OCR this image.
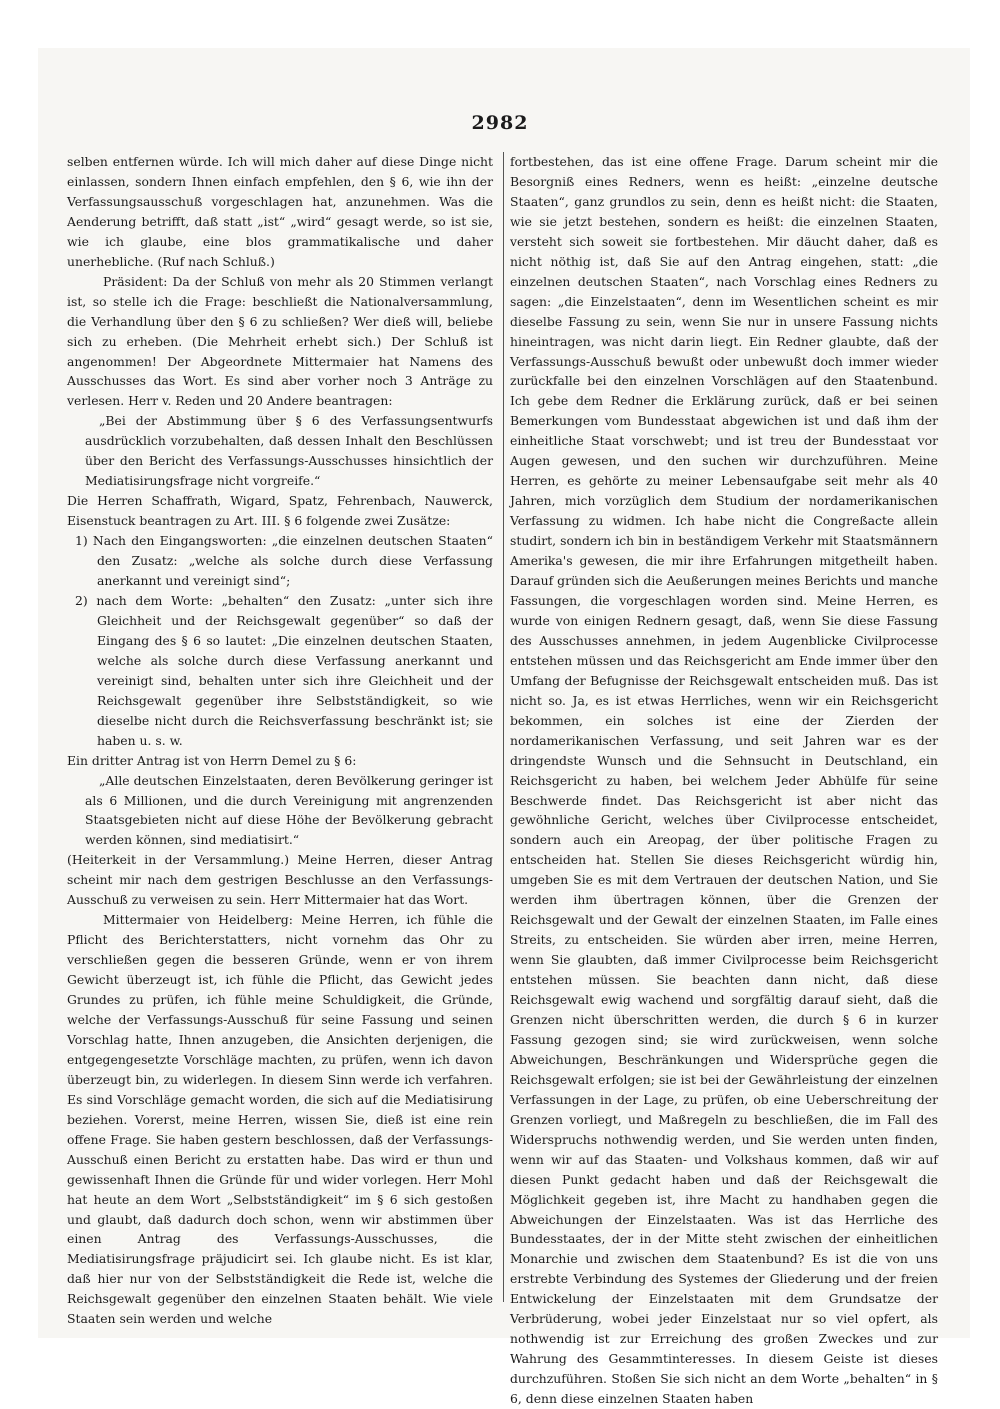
2982

selben entfernen würde. Ich will mich daher auf diese Dinge nicht einlassen, sondern Ihnen einfach empfehlen, den § 6, wie ihn der Verfassungsausschuß vorgeschlagen hat, anzunehmen. Was die Aenderung betrifft, daß statt „ist“ „wird“ gesagt werde, so ist sie, wie ich glaube, eine blos grammatikalische und daher unerhebliche. (Ruf nach Schluß.)

Präsident: Da der Schluß von mehr als 20 Stimmen verlangt ist, so stelle ich die Frage: beschließt die Nationalversammlung, die Verhandlung über den § 6 zu schließen? Wer dieß will, beliebe sich zu erheben. (Die Mehrheit erhebt sich.) Der Schluß ist angenommen! Der Abgeordnete Mittermaier hat Namens des Ausschusses das Wort. Es sind aber vorher noch 3 Anträge zu verlesen. Herr v. Reden und 20 Andere beantragen:

„Bei der Abstimmung über § 6 des Verfassungsentwurfs ausdrücklich vorzubehalten, daß dessen Inhalt den Beschlüssen über den Bericht des Verfassungs-Ausschusses hinsichtlich der Mediatisirungsfrage nicht vorgreife.“

Die Herren Schaffrath, Wigard, Spatz, Fehrenbach, Nauwerck, Eisenstuck beantragen zu Art. III. § 6 folgende zwei Zusätze:

1) Nach den Eingangsworten: „die einzelnen deutschen Staaten“ den Zusatz: „welche als solche durch diese Verfassung anerkannt und vereinigt sind“;

2) nach dem Worte: „behalten“ den Zusatz: „unter sich ihre Gleichheit und der Reichsgewalt gegenüber“ so daß der Eingang des § 6 so lautet: „Die einzelnen deutschen Staaten, welche als solche durch diese Verfassung anerkannt und vereinigt sind, behalten unter sich ihre Gleichheit und der Reichsgewalt gegenüber ihre Selbstständigkeit, so wie dieselbe nicht durch die Reichsverfassung beschränkt ist; sie haben u. s. w.

Ein dritter Antrag ist von Herrn Demel zu § 6:

„Alle deutschen Einzelstaaten, deren Bevölkerung geringer ist als 6 Millionen, und die durch Vereinigung mit angrenzenden Staatsgebieten nicht auf diese Höhe der Bevölkerung gebracht werden können, sind mediatisirt.“

(Heiterkeit in der Versammlung.) Meine Herren, dieser Antrag scheint mir nach dem gestrigen Beschlusse an den Verfassungs-Ausschuß zu verweisen zu sein. Herr Mittermaier hat das Wort.

Mittermaier von Heidelberg: Meine Herren, ich fühle die Pflicht des Berichterstatters, nicht vornehm das Ohr zu verschließen gegen die besseren Gründe, wenn er von ihrem Gewicht überzeugt ist, ich fühle die Pflicht, das Gewicht jedes Grundes zu prüfen, ich fühle meine Schuldigkeit, die Gründe, welche der Verfassungs-Ausschuß für seine Fassung und seinen Vorschlag hatte, Ihnen anzugeben, die Ansichten derjenigen, die entgegengesetzte Vorschläge machten, zu prüfen, wenn ich davon überzeugt bin, zu widerlegen. In diesem Sinn werde ich verfahren. Es sind Vorschläge gemacht worden, die sich auf die Mediatisirung beziehen. Vorerst, meine Herren, wissen Sie, dieß ist eine rein offene Frage. Sie haben gestern beschlossen, daß der Verfassungs-Ausschuß einen Bericht zu erstatten habe. Das wird er thun und gewissenhaft Ihnen die Gründe für und wider vorlegen. Herr Mohl hat heute an dem Wort „Selbstständigkeit“ im § 6 sich gestoßen und glaubt, daß dadurch doch schon, wenn wir abstimmen über einen Antrag des Verfassungs-Ausschusses, die Mediatisirungsfrage präjudicirt sei. Ich glaube nicht. Es ist klar, daß hier nur von der Selbstständigkeit die Rede ist, welche die Reichsgewalt gegenüber den einzelnen Staaten behält. Wie viele Staaten sein werden und welche

fortbestehen, das ist eine offene Frage. Darum scheint mir die Besorgniß eines Redners, wenn es heißt: „einzelne deutsche Staaten“, ganz grundlos zu sein, denn es heißt nicht: die Staaten, wie sie jetzt bestehen, sondern es heißt: die einzelnen Staaten, versteht sich soweit sie fortbestehen. Mir däucht daher, daß es nicht nöthig ist, daß Sie auf den Antrag eingehen, statt: „die einzelnen deutschen Staaten“, nach Vorschlag eines Redners zu sagen: „die Einzelstaaten“, denn im Wesentlichen scheint es mir dieselbe Fassung zu sein, wenn Sie nur in unsere Fassung nichts hineintragen, was nicht darin liegt. Ein Redner glaubte, daß der Verfassungs-Ausschuß bewußt oder unbewußt doch immer wieder zurückfalle bei den einzelnen Vorschlägen auf den Staatenbund. Ich gebe dem Redner die Erklärung zurück, daß er bei seinen Bemerkungen vom Bundesstaat abgewichen ist und daß ihm der einheitliche Staat vorschwebt; und ist treu der Bundesstaat vor Augen gewesen, und den suchen wir durchzuführen. Meine Herren, es gehörte zu meiner Lebensaufgabe seit mehr als 40 Jahren, mich vorzüglich dem Studium der nordamerikanischen Verfassung zu widmen. Ich habe nicht die Congreßacte allein studirt, sondern ich bin in beständigem Verkehr mit Staatsmännern Amerika's gewesen, die mir ihre Erfahrungen mitgetheilt haben. Darauf gründen sich die Aeußerungen meines Berichts und manche Fassungen, die vorgeschlagen worden sind. Meine Herren, es wurde von einigen Rednern gesagt, daß, wenn Sie diese Fassung des Ausschusses annehmen, in jedem Augenblicke Civilprocesse entstehen müssen und das Reichsgericht am Ende immer über den Umfang der Befugnisse der Reichsgewalt entscheiden muß. Das ist nicht so. Ja, es ist etwas Herrliches, wenn wir ein Reichsgericht bekommen, ein solches ist eine der Zierden der nordamerikanischen Verfassung, und seit Jahren war es der dringendste Wunsch und die Sehnsucht in Deutschland, ein Reichsgericht zu haben, bei welchem Jeder Abhülfe für seine Beschwerde findet. Das Reichsgericht ist aber nicht das gewöhnliche Gericht, welches über Civilprocesse entscheidet, sondern auch ein Areopag, der über politische Fragen zu entscheiden hat. Stellen Sie dieses Reichsgericht würdig hin, umgeben Sie es mit dem Vertrauen der deutschen Nation, und Sie werden ihm übertragen können, über die Grenzen der Reichsgewalt und der Gewalt der einzelnen Staaten, im Falle eines Streits, zu entscheiden. Sie würden aber irren, meine Herren, wenn Sie glaubten, daß immer Civilprocesse beim Reichsgericht entstehen müssen. Sie beachten dann nicht, daß diese Reichsgewalt ewig wachend und sorgfältig darauf sieht, daß die Grenzen nicht überschritten werden, die durch § 6 in kurzer Fassung gezogen sind; sie wird zurückweisen, wenn solche Abweichungen, Beschränkungen und Widersprüche gegen die Reichsgewalt erfolgen; sie ist bei der Gewährleistung der einzelnen Verfassungen in der Lage, zu prüfen, ob eine Ueberschreitung der Grenzen vorliegt, und Maßregeln zu beschließen, die im Fall des Widerspruchs nothwendig werden, und Sie werden unten finden, wenn wir auf das Staaten- und Volkshaus kommen, daß wir auf diesen Punkt gedacht haben und daß der Reichsgewalt die Möglichkeit gegeben ist, ihre Macht zu handhaben gegen die Abweichungen der Einzelstaaten. Was ist das Herrliche des Bundesstaates, der in der Mitte steht zwischen der einheitlichen Monarchie und zwischen dem Staatenbund? Es ist die von uns erstrebte Verbindung des Systemes der Gliederung und der freien Entwickelung der Einzelstaaten mit dem Grundsatze der Verbrüderung, wobei jeder Einzelstaat nur so viel opfert, als nothwendig ist zur Erreichung des großen Zweckes und zur Wahrung des Gesammtinteresses. In diesem Geiste ist dieses durchzuführen. Stoßen Sie sich nicht an dem Worte „behalten“ in § 6, denn diese einzelnen Staaten haben
